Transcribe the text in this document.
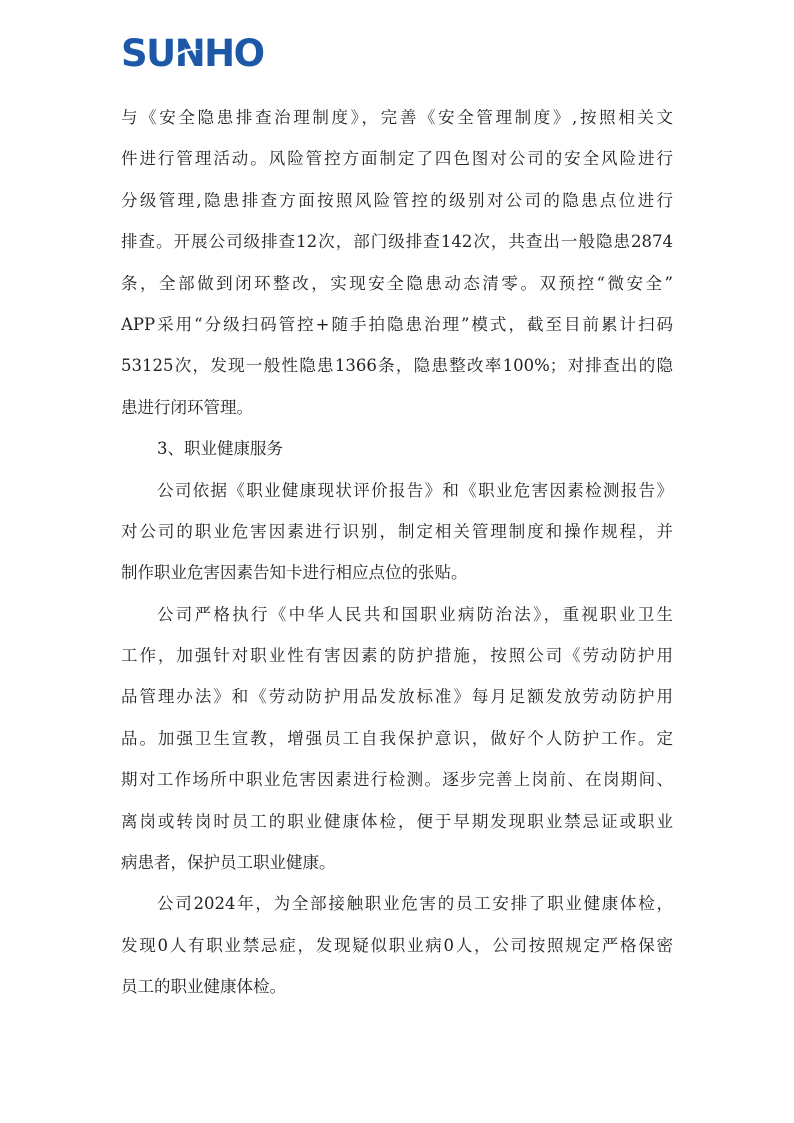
SU N HO
与《安全隐患排查治理制度》，完善《安全管理制度》,按照相关文
件进行管理活动。风险管控方面制定了四色图对公司的安全风险进行
分级管理,隐患排查方面按照风险管控的级别对公司的隐患点位进行
排查。开展公司级排查12次，部门级排查142次，共查出一般隐患2874
条，全部做到闭环整改，实现安全隐患动态清零。双预控“微安全”
APP采用“分级扫码管控+随手拍隐患治理”模式，截至目前累计扫码
53125次，发现一般性隐患1366条，隐患整改率100%；对排查出的隐
患进行闭环管理。
3、职业健康服务
公司依据《职业健康现状评价报告》和《职业危害因素检测报告》
对公司的职业危害因素进行识别，制定相关管理制度和操作规程，并
制作职业危害因素告知卡进行相应点位的张贴。
公司严格执行《中华人民共和国职业病防治法》，重视职业卫生
工作，加强针对职业性有害因素的防护措施，按照公司《劳动防护用
品管理办法》和《劳动防护用品发放标准》每月足额发放劳动防护用
品。加强卫生宣教，增强员工自我保护意识，做好个人防护工作。定
期对工作场所中职业危害因素进行检测。逐步完善上岗前、在岗期间、
离岗或转岗时员工的职业健康体检，便于早期发现职业禁忌证或职业
病患者，保护员工职业健康。
公司2024年，为全部接触职业危害的员工安排了职业健康体检，
发现0人有职业禁忌症，发现疑似职业病0人，公司按照规定严格保密
员工的职业健康体检。
